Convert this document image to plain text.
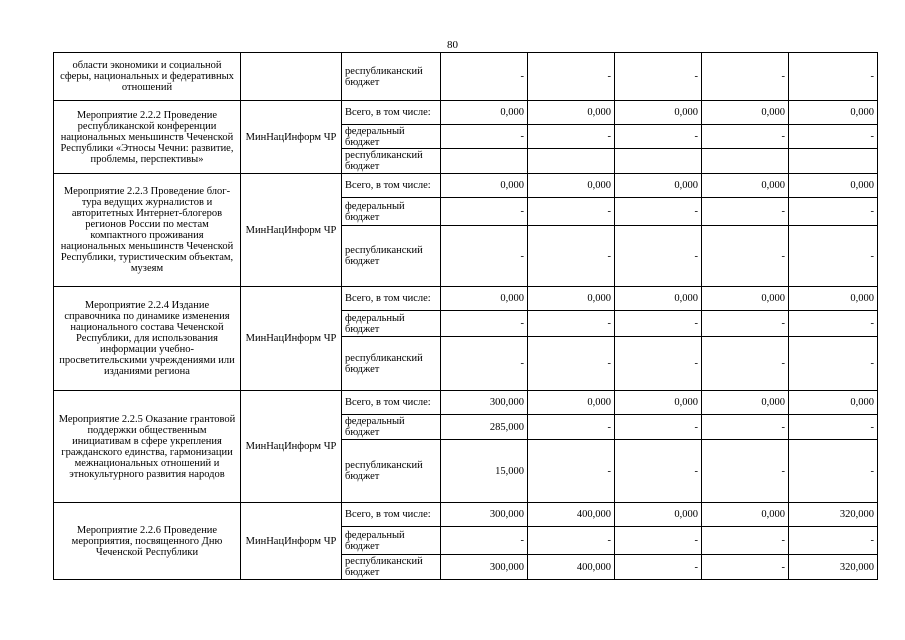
80
области экономики и социальной сферы, национальных и федеративных отношений		республиканский бюджет	-	-	-	-	-
Мероприятие 2.2.2 Проведение республиканской конференции национальных меньшинств Чеченской Республики «Этносы Чечни: развитие, проблемы, перспективы»	МинНацИнформ ЧР	Всего, в том числе:	0,000	0,000	0,000	0,000	0,000
		федеральный бюджет	-	-	-	-	-
		республиканский бюджет					
Мероприятие 2.2.3 Проведение блог-тура ведущих журналистов и авторитетных Интернет-блогеров регионов России по местам компактного проживания национальных меньшинств Чеченской Республики, туристическим объектам, музеям	МинНацИнформ ЧР	Всего, в том числе:	0,000	0,000	0,000	0,000	0,000
		федеральный бюджет	-	-	-	-	-
		республиканский бюджет	-	-	-	-	-
Мероприятие 2.2.4 Издание справочника по динамике изменения национального состава Чеченской Республики, для использования информации учебно-просветительскими учреждениями или изданиями региона	МинНацИнформ ЧР	Всего, в том числе:	0,000	0,000	0,000	0,000	0,000
		федеральный бюджет	-	-	-	-	-
		республиканский бюджет	-	-	-	-	-
Мероприятие 2.2.5 Оказание грантовой поддержки общественным инициативам в сфере укрепления гражданского единства, гармонизации межнациональных отношений и этнокультурного развития народов	МинНацИнформ ЧР	Всего, в том числе:	300,000	0,000	0,000	0,000	0,000
		федеральный бюджет	285,000	-	-	-	-
		республиканский бюджет	15,000	-	-	-	-
Мероприятие 2.2.6 Проведение мероприятия, посвященного Дню Чеченской Республики	МинНацИнформ ЧР	Всего, в том числе:	300,000	400,000	0,000	0,000	320,000
		федеральный бюджет	-	-	-	-	-
		республиканский бюджет	300,000	400,000	-	-	320,000
